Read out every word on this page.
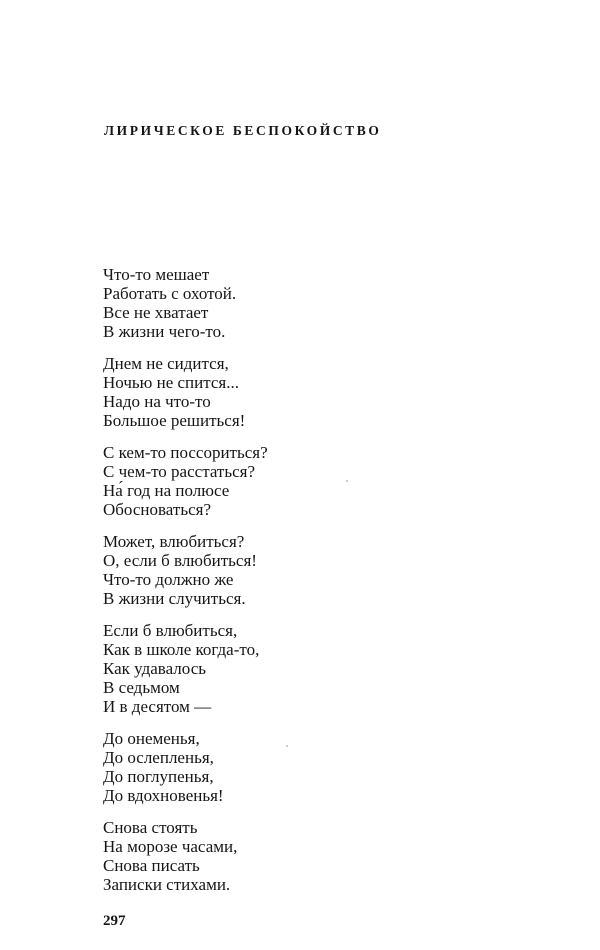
ЛИРИЧЕСКОЕ БЕСПОКОЙСТВО
Что-то мешает
Работать с охотой.
Все не хватает
В жизни чего-то.
Днем не сидится,
Ночью не спится...
Надо на что-то
Большое решиться!
С кем-то поссориться?
С чем-то расстаться?
На́ год на полюсе
Обосноваться?
Может, влюбиться?
О, если б влюбиться!
Что-то должно же
В жизни случиться.
Если б влюбиться,
Как в школе когда-то,
Как удавалось
В седьмом
И в десятом —
До онеменья,
До ослепленья,
До поглупенья,
До вдохновенья!
Снова стоять
На морозе часами,
Снова писать
Записки стихами.
297
